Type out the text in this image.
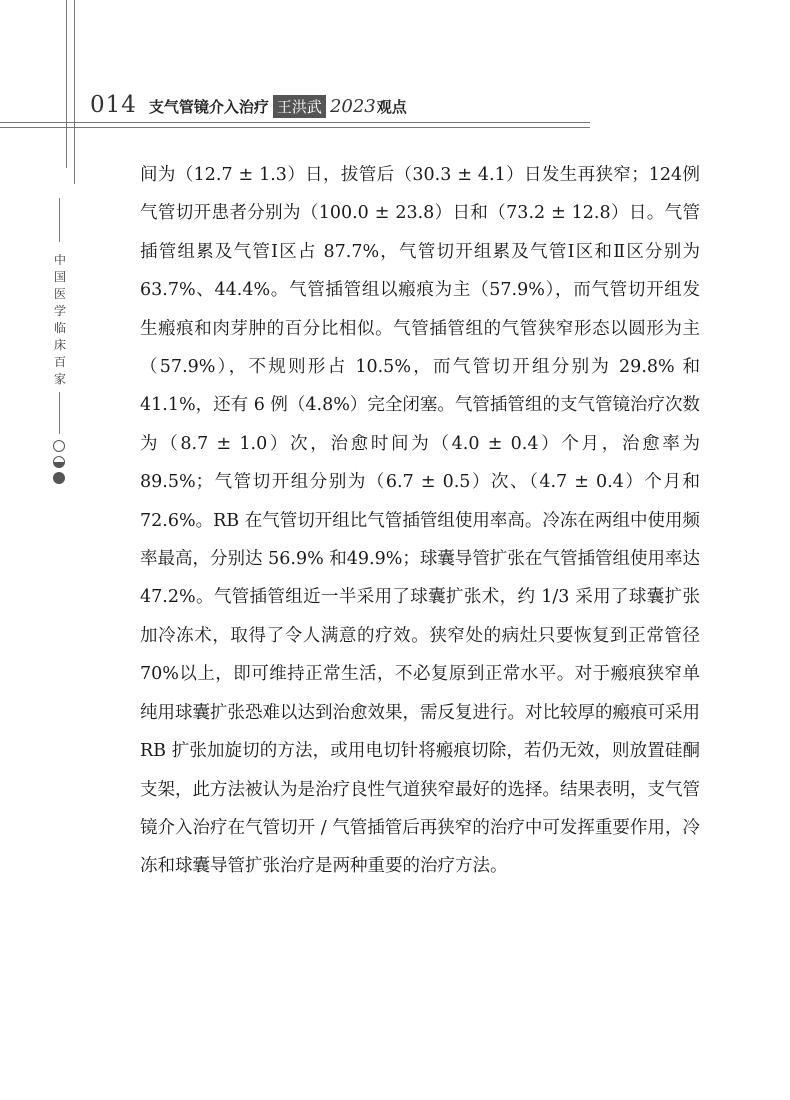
014 支气管镜介入治疗 王洪武 2023 观点
中国医学临床百家

间为（12.7 ± 1.3）日，拔管后（30.3 ± 4.1）日发生再狭窄；124例气管切开患者分别为（100.0 ± 23.8）日和（73.2 ± 12.8）日。气管插管组累及气管Ⅰ区占 87.7%，气管切开组累及气管Ⅰ区和Ⅱ区分别为 63.7%、44.4%。气管插管组以瘢痕为主（57.9%），而气管切开组发生瘢痕和肉芽肿的百分比相似。气管插管组的气管狭窄形态以圆形为主（57.9%），不规则形占 10.5%，而气管切开组分别为 29.8% 和 41.1%，还有 6 例（4.8%）完全闭塞。气管插管组的支气管镜治疗次数为（8.7 ± 1.0）次，治愈时间为（4.0 ± 0.4）个月，治愈率为 89.5%；气管切开组分别为（6.7 ± 0.5）次、（4.7 ± 0.4）个月和 72.6%。RB 在气管切开组比气管插管组使用率高。冷冻在两组中使用频率最高，分别达 56.9% 和49.9%；球囊导管扩张在气管插管组使用率达 47.2%。气管插管组近一半采用了球囊扩张术，约 1/3 采用了球囊扩张加冷冻术，取得了令人满意的疗效。狭窄处的病灶只要恢复到正常管径 70%以上，即可维持正常生活，不必复原到正常水平。对于瘢痕狭窄单纯用球囊扩张恐难以达到治愈效果，需反复进行。对比较厚的瘢痕可采用 RB 扩张加旋切的方法，或用电切针将瘢痕切除，若仍无效，则放置硅酮支架，此方法被认为是治疗良性气道狭窄最好的选择。结果表明，支气管镜介入治疗在气管切开 / 气管插管后再狭窄的治疗中可发挥重要作用，冷冻和球囊导管扩张治疗是两种重要的治疗方法。
